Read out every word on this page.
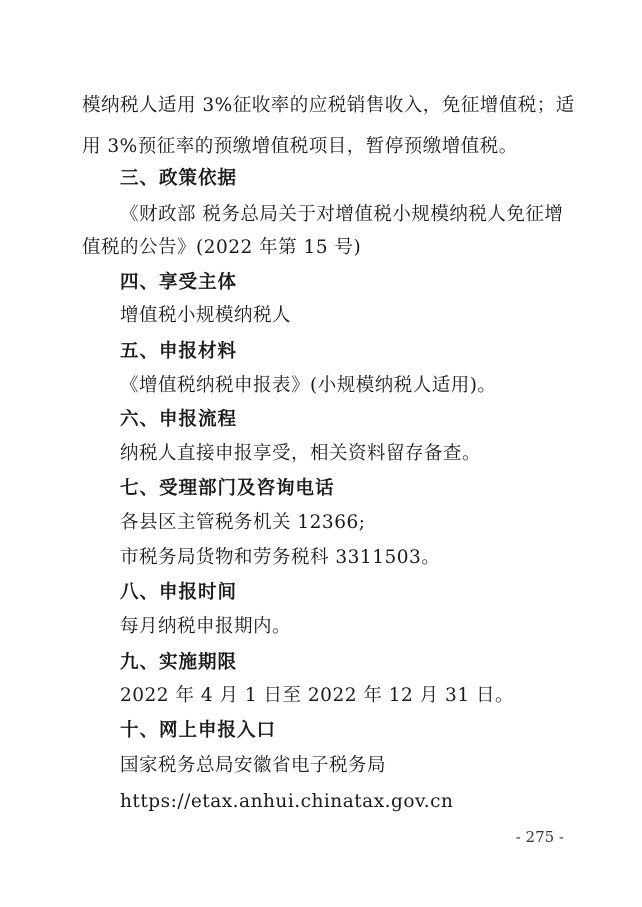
模纳税人适用 3%征收率的应税销售收入，免征增值税；适
用 3%预征率的预缴增值税项目，暂停预缴增值税。
三、政策依据
《财政部 税务总局关于对增值税小规模纳税人免征增
值税的公告》(2022 年第 15 号)
四、享受主体
增值税小规模纳税人
五、申报材料
《增值税纳税申报表》(小规模纳税人适用)。
六、申报流程
纳税人直接申报享受，相关资料留存备查。
七、受理部门及咨询电话
各县区主管税务机关 12366;
市税务局货物和劳务税科 3311503。
八、申报时间
每月纳税申报期内。
九、实施期限
2022 年 4 月 1 日至 2022 年 12 月 31 日。
十、网上申报入口
国家税务总局安徽省电子税务局
https://etax.anhui.chinatax.gov.cn
- 275 -
